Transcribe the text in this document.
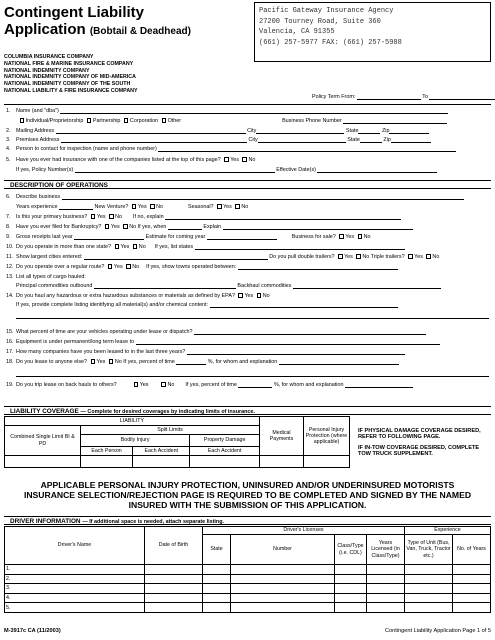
Contingent Liability
Application (Bobtail & Deadhead)
COLUMBIA INSURANCE COMPANY
NATIONAL FIRE & MARINE INSURANCE COMPANY
NATIONAL INDEMNITY COMPANY
NATIONAL INDEMNITY COMPANY OF MID-AMERICA
NATIONAL INDEMNITY COMPANY OF THE SOUTH
NATIONAL LIABILITY & FIRE INSURANCE COMPANY
Pacific Gateway Insurance Agency
27200 Tourney Road, Suite 360
Valencia, CA 91355
(661) 257-5977 FAX: (661) 257-5988
Policy Term From:	To
1. Name (and "dba")
Individual/Proprietorship Partnership Corporation Other	Business Phone Number
2. Mailing Address	City	State	Zip
3. Premises Address	City	State	Zip
4. Person to contact for inspection (name and phone number)
5. Have you ever had insurance with one of the companies listed at the top of this page? Yes No
If yes, Policy Number(s)	Effective Date(s)
DESCRIPTION OF OPERATIONS
6. Describe business
Years experience	New Venture? Yes No	Seasonal? Yes No
7. Is this your primary business? Yes No If no, explain
8. Have you ever filed for Bankruptcy? Yes No If yes, when	Explain
9. Gross receipts last year	Estimate for coming year	Business for sale? Yes No
10. Do you operate in more than one state? Yes No If yes, list states
11. Show largest cities entered:	Do you pull double trailers? Yes No Triple trailers? Yes No
12. Do you operate over a regular route? Yes No If yes, show towns operated between:
13. List all types of cargo hauled:
Principal commodities outbound	Backhaul commodities
14. Do you haul any hazardous or extra hazardous substances or materials as defined by EPA? Yes No
If yes, provide complete listing identifying all material(s) and/or chemical content:
15. What percent of time are your vehicles operating under lease or dispatch?
16. Equipment is under permanent/long term lease to
17. How many companies have you been leased to in the last three years?
18. Do you lease to anyone else? Yes No If yes, percent of time	%, for whom and explanation
19. Do you trip lease on back hauls to others?	Yes	No If yes, percent of time	%, for whom and explanation
LIABILITY COVERAGE — Complete for desired coverages by indicating limits of insurance.
LIABILITY				Medical Payments	Personal Injury Protection (where applicable)
Combined Single Limit BI & PD	Split Limits				
	Bodily Injury		Property Damage		
	Each Person	Each Accident	Each Accident		

IF PHYSICAL DAMAGE COVERAGE DESIRED, REFER TO FOLLOWING PAGE.
IF IN-TOW COVERAGE DESIRED, COMPLETE TOW TRUCK SUPPLEMENT.
APPLICABLE PERSONAL INJURY PROTECTION, UNINSURED AND/OR UNDERINSURED MOTORISTS INSURANCE SELECTION/REJECTION PAGE IS REQUIRED TO BE COMPLETED AND SIGNED BY THE NAMED INSURED WITH THE SUBMISSION OF THIS APPLICATION.
DRIVER INFORMATION — If additional space is needed, attach separate listing.
Driver's Name	Date of Birth	Driver's Licenses				Experience	
		State	Number	Class/Type (i.e. CDL)	Years Licensed (in Class/Type)	Type of Unit (Bus, Van, Truck, Tractor etc.)	No. of Years
1.							
2.							
3.							
4.							
5.							
M-3917c CA (11/2003)	Contingent Liability Application Page 1 of 5
